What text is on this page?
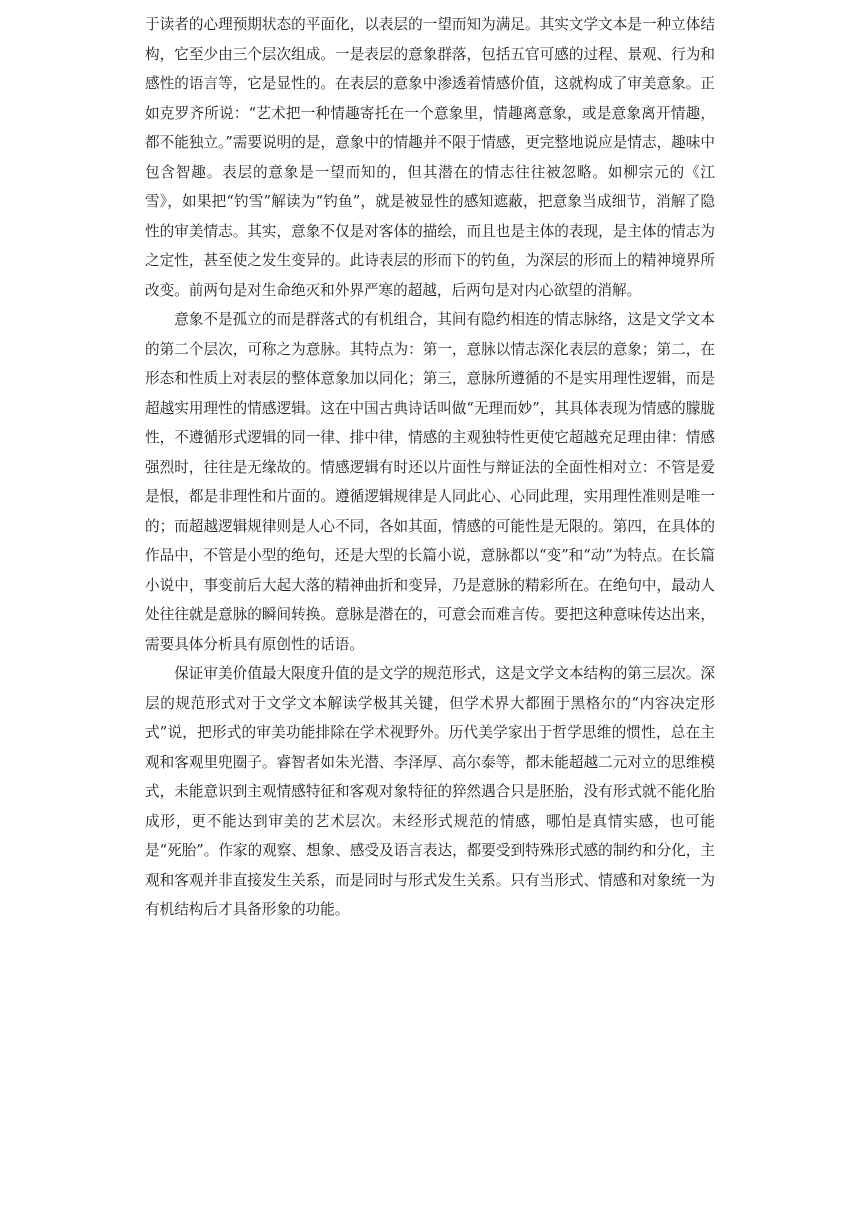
于读者的心理预期状态的平面化，以表层的一望而知为满足。其实文学文本是一种立体结构，它至少由三个层次组成。一是表层的意象群落，包括五官可感的过程、景观、行为和感性的语言等，它是显性的。在表层的意象中渗透着情感价值，这就构成了审美意象。正如克罗齐所说：“艺术把一种情趣寄托在一个意象里，情趣离意象，或是意象离开情趣，都不能独立。”需要说明的是，意象中的情趣并不限于情感，更完整地说应是情志，趣味中包含智趣。表层的意象是一望而知的，但其潜在的情志往往被忽略。如柳宗元的《江雪》，如果把“钓雪”解读为“钓鱼”，就是被显性的感知遮蔽，把意象当成细节，消解了隐性的审美情志。其实，意象不仅是对客体的描绘，而且也是主体的表现，是主体的情志为之定性，甚至使之发生变异的。此诗表层的形而下的钓鱼，为深层的形而上的精神境界所改变。前两句是对生命绝灭和外界严寒的超越，后两句是对内心欲望的消解。

意象不是孤立的而是群落式的有机组合，其间有隐约相连的情志脉络，这是文学文本的第二个层次，可称之为意脉。其特点为：第一，意脉以情志深化表层的意象；第二，在形态和性质上对表层的整体意象加以同化；第三，意脉所遵循的不是实用理性逻辑，而是超越实用理性的情感逻辑。这在中国古典诗话叫做“无理而妙”，其具体表现为情感的朦胧性，不遵循形式逻辑的同一律、排中律，情感的主观独特性更使它超越充足理由律：情感强烈时，往往是无缘故的。情感逻辑有时还以片面性与辩证法的全面性相对立：不管是爱是恨，都是非理性和片面的。遵循逻辑规律是人同此心、心同此理，实用理性准则是唯一的；而超越逻辑规律则是人心不同，各如其面，情感的可能性是无限的。第四，在具体的作品中，不管是小型的绝句，还是大型的长篇小说，意脉都以“变”和“动”为特点。在长篇小说中，事变前后大起大落的精神曲折和变异，乃是意脉的精彩所在。在绝句中，最动人处往往就是意脉的瞬间转换。意脉是潜在的，可意会而难言传。要把这种意味传达出来，需要具体分析具有原创性的话语。

保证审美价值最大限度升值的是文学的规范形式，这是文学文本结构的第三层次。深层的规范形式对于文学文本解读学极其关键，但学术界大都囿于黑格尔的“内容决定形式”说，把形式的审美功能排除在学术视野外。历代美学家出于哲学思维的惯性，总在主观和客观里兜圈子。睿智者如朱光潜、李泽厚、高尔泰等，都未能超越二元对立的思维模式，未能意识到主观情感特征和客观对象特征的猝然遇合只是胚胎，没有形式就不能化胎成形，更不能达到审美的艺术层次。未经形式规范的情感，哪怕是真情实感，也可能是“死胎”。作家的观察、想象、感受及语言表达，都要受到特殊形式感的制约和分化，主观和客观并非直接发生关系，而是同时与形式发生关系。只有当形式、情感和对象统一为有机结构后才具备形象的功能。
